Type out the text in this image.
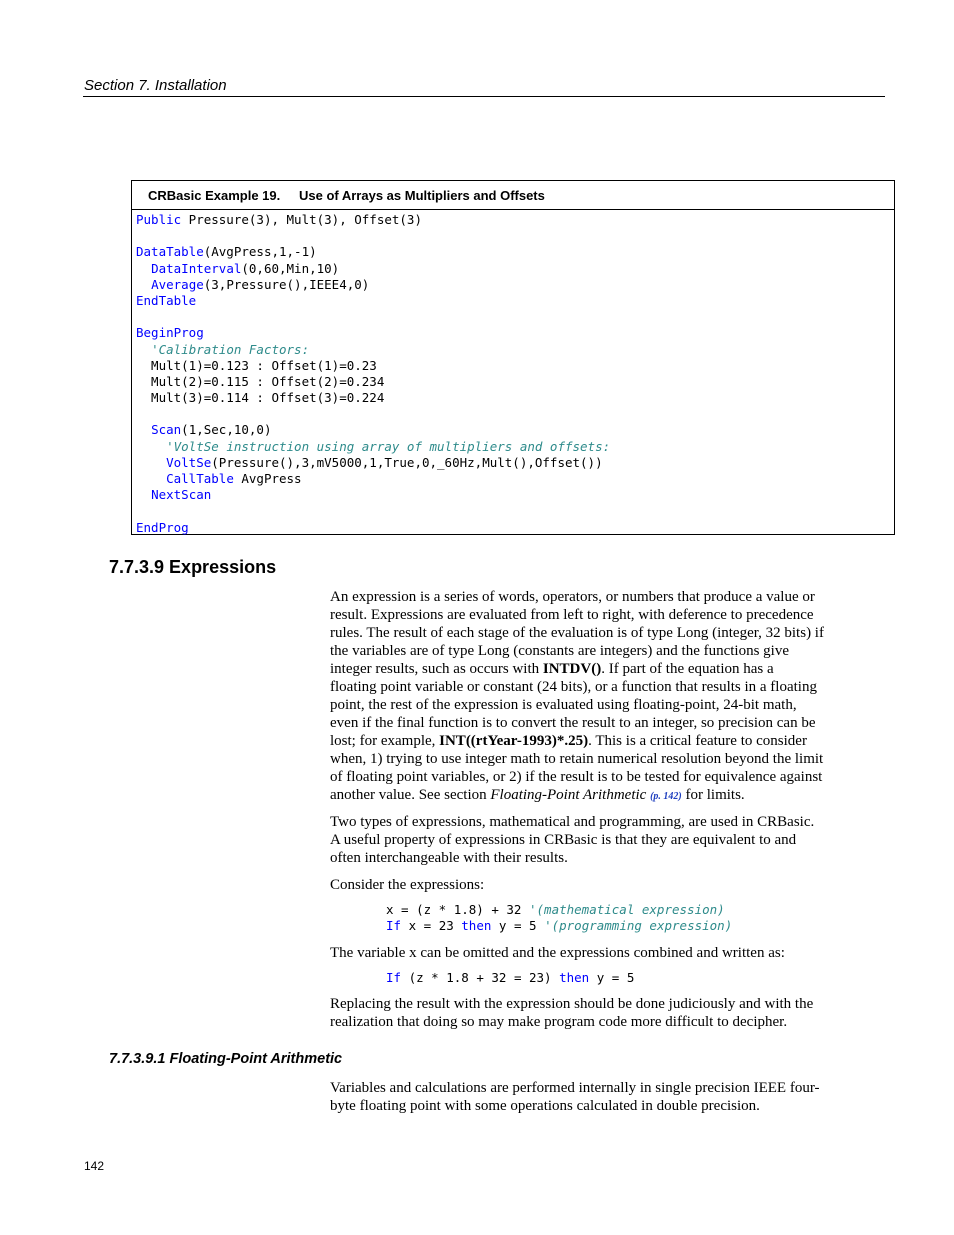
Section 7. Installation
CRBasic Example 19. Use of Arrays as Multipliers and Offsets
Public Pressure(3), Mult(3), Offset(3)

DataTable(AvgPress,1,-1)
DataInterval(0,60,Min,10)
Average(3,Pressure(),IEEE4,0)
EndTable

BeginProg
'Calibration Factors:
Mult(1)=0.123 : Offset(1)=0.23
Mult(2)=0.115 : Offset(2)=0.234
Mult(3)=0.114 : Offset(3)=0.224

Scan(1,Sec,10,0)
'VoltSe instruction using array of multipliers and offsets:
VoltSe(Pressure(),3,mV5000,1,True,0,_60Hz,Mult(),Offset())
CallTable AvgPress
NextScan

EndProg
7.7.3.9 Expressions
An expression is a series of words, operators, or numbers that produce a value or
result. Expressions are evaluated from left to right, with deference to precedence
rules. The result of each stage of the evaluation is of type Long (integer, 32 bits) if
the variables are of type Long (constants are integers) and the functions give
integer results, such as occurs with INTDV(). If part of the equation has a
floating point variable or constant (24 bits), or a function that results in a floating
point, the rest of the expression is evaluated using floating-point, 24-bit math,
even if the final function is to convert the result to an integer, so precision can be
lost; for example, INT((rtYear-1993)*.25). This is a critical feature to consider
when, 1) trying to use integer math to retain numerical resolution beyond the limit
of floating point variables, or 2) if the result is to be tested for equivalence against
another value. See section Floating-Point Arithmetic (p. 142) for limits.
Two types of expressions, mathematical and programming, are used in CRBasic.
A useful property of expressions in CRBasic is that they are equivalent to and
often interchangeable with their results.
Consider the expressions:
x = (z * 1.8) + 32 '(mathematical expression)
If x = 23 then y = 5 '(programming expression)
The variable x can be omitted and the expressions combined and written as:
If (z * 1.8 + 32 = 23) then y = 5
Replacing the result with the expression should be done judiciously and with the
realization that doing so may make program code more difficult to decipher.
7.7.3.9.1 Floating-Point Arithmetic
Variables and calculations are performed internally in single precision IEEE four-
byte floating point with some operations calculated in double precision.
142
